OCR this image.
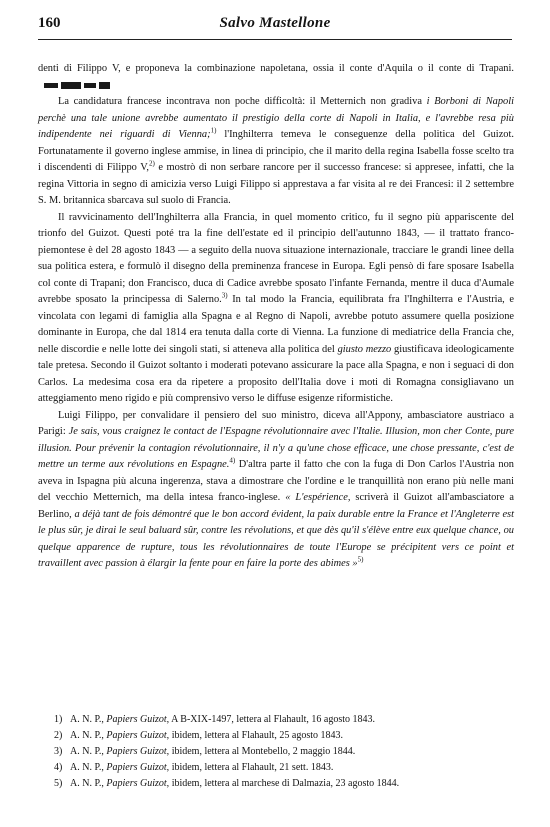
160	Salvo Mastellone

denti di Filippo V, e proponeva la combinazione napoletana, ossia il conte d'Aquila o il conte di Trapani.

La candidatura francese incontrava non poche difficoltà: il Metternich non gradiva i Borboni di Napoli perchè una tale unione avrebbe aumentato il prestigio della corte di Napoli in Italia, e l'avrebbe resa più indipendente nei riguardi di Vienna;$^{1)}$ l'Inghilterra temeva le conseguenze della politica del Guizot. Fortunatamente il governo inglese ammise, in linea di principio, che il marito della regina Isabella fosse scelto tra i discendenti di Filippo V,$^{2)}$ e mostrò di non serbare rancore per il successo francese: si appresee, infatti, che la regina Vittoria in segno di amicizia verso Luigi Filippo si apprestava a far visita al re dei Francesi: il 2 settembre S. M. britannica sbarcava sul suolo di Francia.

Il ravvicinamento dell'Inghilterra alla Francia, in quel momento critico, fu il segno più appariscente del trionfo del Guizot. Questi poté tra la fine dell'estate ed il principio dell'autunno 1843, — il trattato franco-piemontese è del 28 agosto 1843 — a seguito della nuova situazione internazionale, tracciare le grandi linee della sua politica estera, e formulò il disegno della preminenza francese in Europa. Egli pensò di fare sposare Isabella col conte di Trapani; don Francisco, duca di Cadice avrebbe sposato l'infante Fernanda, mentre il duca d'Aumale avrebbe sposato la principessa di Salerno.$^{3)}$ In tal modo la Francia, equilibrata fra l'Inghilterra e l'Austria, e vincolata con legami di famiglia alla Spagna e al Regno di Napoli, avrebbe potuto assumere quella posizione dominante in Europa, che dal 1814 era tenuta dalla corte di Vienna. La funzione di mediatrice della Francia che, nelle discordie e nelle lotte dei singoli stati, si atteneva alla politica del giusto mezzo giustificava ideologicamente tale pretesa. Secondo il Guizot soltanto i moderati potevano assicurare la pace alla Spagna, e non i seguaci di don Carlos. La medesima cosa era da ripetere a proposito dell'Italia dove i moti di Romagna consigliavano un atteggiamento meno rigido e più comprensivo verso le diffuse esigenze riformistiche.

Luigi Filippo, per convalidare il pensiero del suo ministro, diceva all'Appony, ambasciatore austriaco a Parigi: Je sais, vous craignez le contact de l'Espagne révolutionnaire avec l'Italie. Illusion, mon cher Conte, pure illusion. Pour prévenir la contagion révolutionnaire, il n'y a qu'une chose efficace, une chose pressante, c'est de mettre un terme aux révolutions en Espagne.$^{4)}$ D'altra parte il fatto che con la fuga di Don Carlos l'Austria non aveva in Ispagna più alcuna ingerenza, stava a dimostrare che l'ordine e le tranquillità non erano più nelle mani del vecchio Metternich, ma della intesa franco-inglese. « L'espérience, scriverà il Guizot all'ambasciatore a Berlino, a déjà tant de fois démontré que le bon accord évident, la paix durable entre la France et l'Angleterre est le plus sûr, je dirai le seul baluard sûr, contre les révolutions, et que dès qu'il s'élève entre eux quelque chance, ou quelque apparence de rupture, tous les révolutionnaires de toute l'Europe se précipitent vers ce point et travaillent avec passion à élargir la fente pour en faire la porte des abimes »$^{5)}$

1) A. N. P., Papiers Guizot, A B-XIX-1497, lettera al Flahault, 16 agosto 1843.
2) A. N. P., Papiers Guizot, ibidem, lettera al Flahault, 25 agosto 1843.
3) A. N. P., Papiers Guizot, ibidem, lettera al Montebello, 2 maggio 1844.
4) A. N. P., Papiers Guizot, ibidem, lettera al Flahault, 21 sett. 1843.
5) A. N. P., Papiers Guizot, ibidem, lettera al marchese di Dalmazia, 23 agosto 1844.
